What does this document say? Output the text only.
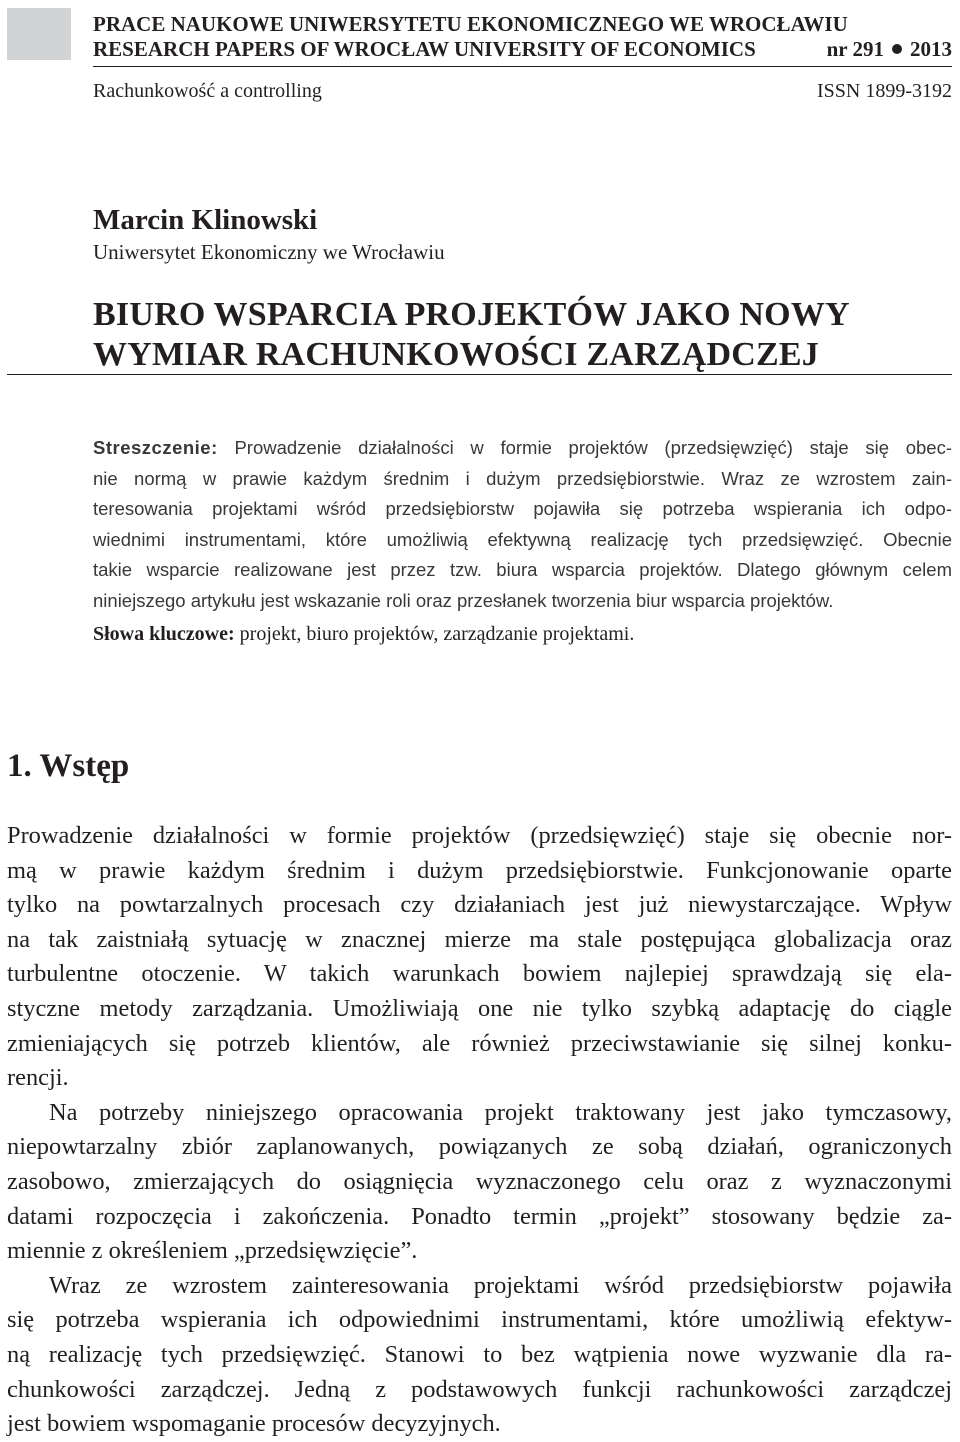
PRACE NAUKOWE UNIWERSYTETU EKONOMICZNEGO WE WROCŁAWIU
RESEARCH PAPERS OF WROCŁAW UNIVERSITY OF ECONOMICS	nr 291 2013
Rachunkowość a controlling	ISSN 1899-3192
Marcin Klinowski
Uniwersytet Ekonomiczny we Wrocławiu
BIURO WSPARCIA PROJEKTÓW JAKO NOWY
WYMIAR RACHUNKOWOŚCI ZARZĄDCZEJ
Streszczenie: Prowadzenie działalności w formie projektów (przedsięwzięć) staje się obec-
nie normą w prawie każdym średnim i dużym przedsiębiorstwie. Wraz ze wzrostem zain-
teresowania projektami wśród przedsiębiorstw pojawiła się potrzeba wspierania ich odpo-
wiednimi instrumentami, które umożliwią efektywną realizację tych przedsięwzięć. Obecnie
takie wsparcie realizowane jest przez tzw. biura wsparcia projektów. Dlatego głównym celem
niniejszego artykułu jest wskazanie roli oraz przesłanek tworzenia biur wsparcia projektów.
Słowa kluczowe: projekt, biuro projektów, zarządzanie projektami.
1. Wstęp

Prowadzenie działalności w formie projektów (przedsięwzięć) staje się obecnie nor-
mą w prawie każdym średnim i dużym przedsiębiorstwie. Funkcjonowanie oparte
tylko na powtarzalnych procesach czy działaniach jest już niewystarczające. Wpływ
na tak zaistniałą sytuację w znacznej mierze ma stale postępująca globalizacja oraz
turbulentne otoczenie. W takich warunkach bowiem najlepiej sprawdzają się ela-
styczne metody zarządzania. Umożliwiają one nie tylko szybką adaptację do ciągle
zmieniających się potrzeb klientów, ale również przeciwstawianie się silnej konku-
rencji.

Na potrzeby niniejszego opracowania projekt traktowany jest jako tymczasowy,
niepowtarzalny zbiór zaplanowanych, powiązanych ze sobą działań, ograniczonych
zasobowo, zmierzających do osiągnięcia wyznaczonego celu oraz z wyznaczonymi
datami rozpoczęcia i zakończenia. Ponadto termin „projekt” stosowany będzie za-
miennie z określeniem „przedsięwzięcie”.

Wraz ze wzrostem zainteresowania projektami wśród przedsiębiorstw pojawiła
się potrzeba wspierania ich odpowiednimi instrumentami, które umożliwią efektyw-
ną realizację tych przedsięwzięć. Stanowi to bez wątpienia nowe wyzwanie dla ra-
chunkowości zarządczej. Jedną z podstawowych funkcji rachunkowości zarządczej
jest bowiem wspomaganie procesów decyzyjnych.
